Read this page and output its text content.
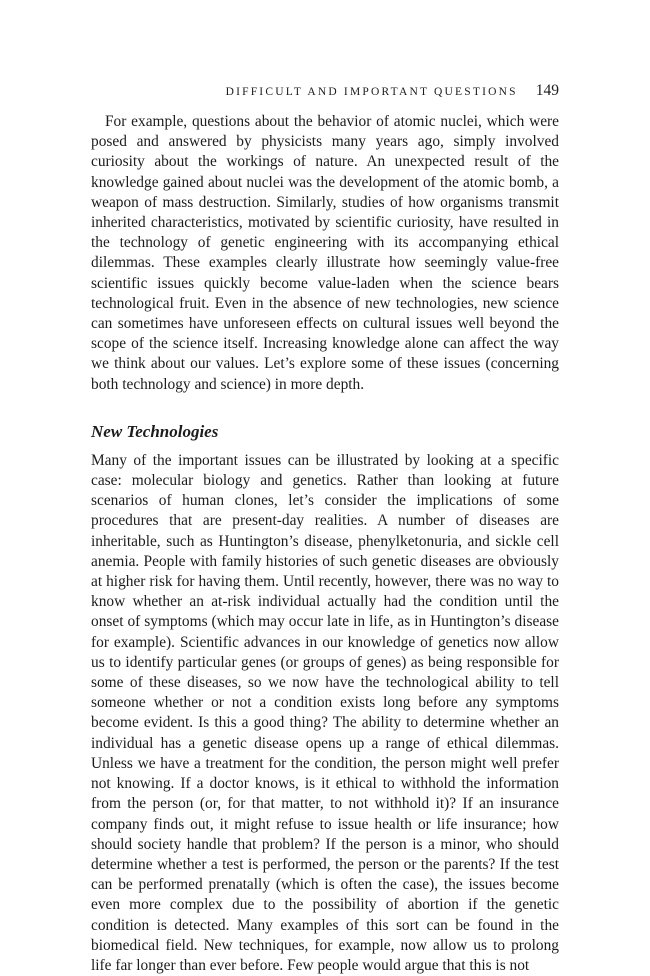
DIFFICULT AND IMPORTANT QUESTIONS 149

For example, questions about the behavior of atomic nuclei, which were posed and answered by physicists many years ago, simply involved curiosity about the workings of nature. An unexpected result of the knowledge gained about nuclei was the development of the atomic bomb, a weapon of mass destruction. Similarly, studies of how organisms transmit inherited characteristics, motivated by scientific curiosity, have resulted in the technology of genetic engineering with its accompanying ethical dilemmas. These examples clearly illustrate how seemingly value-free scientific issues quickly become value-laden when the science bears technological fruit. Even in the absence of new technologies, new science can sometimes have unforeseen effects on cultural issues well beyond the scope of the science itself. Increasing knowledge alone can affect the way we think about our values. Let’s explore some of these issues (concerning both technology and science) in more depth.

New Technologies

Many of the important issues can be illustrated by looking at a specific case: molecular biology and genetics. Rather than looking at future scenarios of human clones, let’s consider the implications of some procedures that are present-day realities. A number of diseases are inheritable, such as Huntington’s disease, phenylketonuria, and sickle cell anemia. People with family histories of such genetic diseases are obviously at higher risk for having them. Until recently, however, there was no way to know whether an at-risk individual actually had the condition until the onset of symptoms (which may occur late in life, as in Huntington’s disease for example). Scientific advances in our knowledge of genetics now allow us to identify particular genes (or groups of genes) as being responsible for some of these diseases, so we now have the technological ability to tell someone whether or not a condition exists long before any symptoms become evident. Is this a good thing? The ability to determine whether an individual has a genetic disease opens up a range of ethical dilemmas. Unless we have a treatment for the condition, the person might well prefer not knowing. If a doctor knows, is it ethical to withhold the information from the person (or, for that matter, to not withhold it)? If an insurance company finds out, it might refuse to issue health or life insurance; how should society handle that problem? If the person is a minor, who should determine whether a test is performed, the person or the parents? If the test can be performed prenatally (which is often the case), the issues become even more complex due to the possibility of abortion if the genetic condition is detected. Many examples of this sort can be found in the biomedical field. New techniques, for example, now allow us to prolong life far longer than ever before. Few people would argue that this is not
